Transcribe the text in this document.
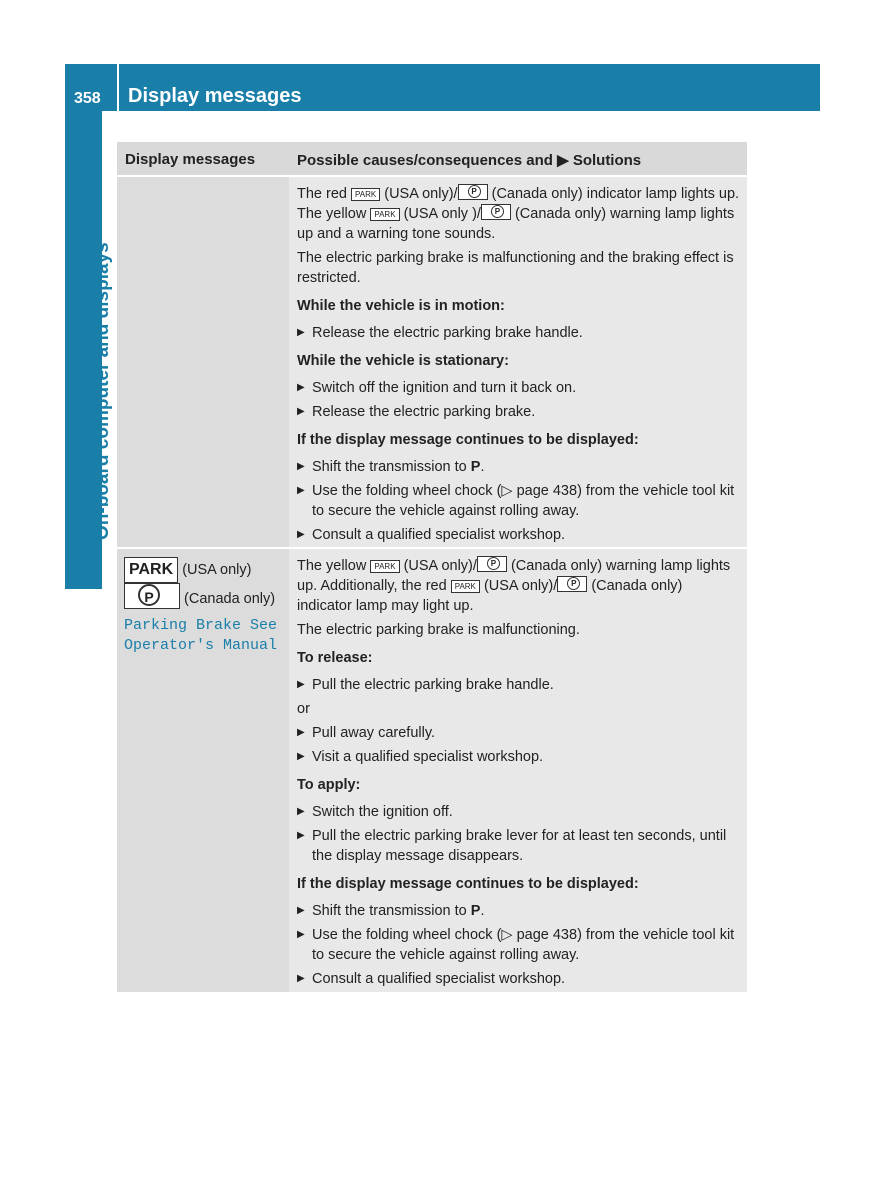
358 Display messages
On-board computer and displays
Display messages	Possible causes/consequences and ▶ Solutions

The red PARK (USA only)/ P (Canada only) indicator lamp lights up. The yellow PARK (USA only )/ P (Canada only) warning lamp lights up and a warning tone sounds.

The electric parking brake is malfunctioning and the braking effect is restricted.

While the vehicle is in motion:

▶ Release the electric parking brake handle.

While the vehicle is stationary:

▶ Switch off the ignition and turn it back on.

▶ Release the electric parking brake.

If the display message continues to be displayed:

▶ Shift the transmission to P.

▶ Use the folding wheel chock (▷ page 438) from the vehicle tool kit to secure the vehicle against rolling away.

▶ Consult a qualified specialist workshop.

PARK (USA only) P (Canada only)
Parking Brake See Operator's Manual

The yellow PARK (USA only)/ P (Canada only) warning lamp lights up. Additionally, the red PARK (USA only)/ P (Canada only) indicator lamp may light up.

The electric parking brake is malfunctioning.

To release:

▶ Pull the electric parking brake handle.

or

▶ Pull away carefully.

▶ Visit a qualified specialist workshop.

To apply:

▶ Switch the ignition off.

▶ Pull the electric parking brake lever for at least ten seconds, until the display message disappears.

If the display message continues to be displayed:

▶ Shift the transmission to P.

▶ Use the folding wheel chock (▷ page 438) from the vehicle tool kit to secure the vehicle against rolling away.

▶ Consult a qualified specialist workshop.
